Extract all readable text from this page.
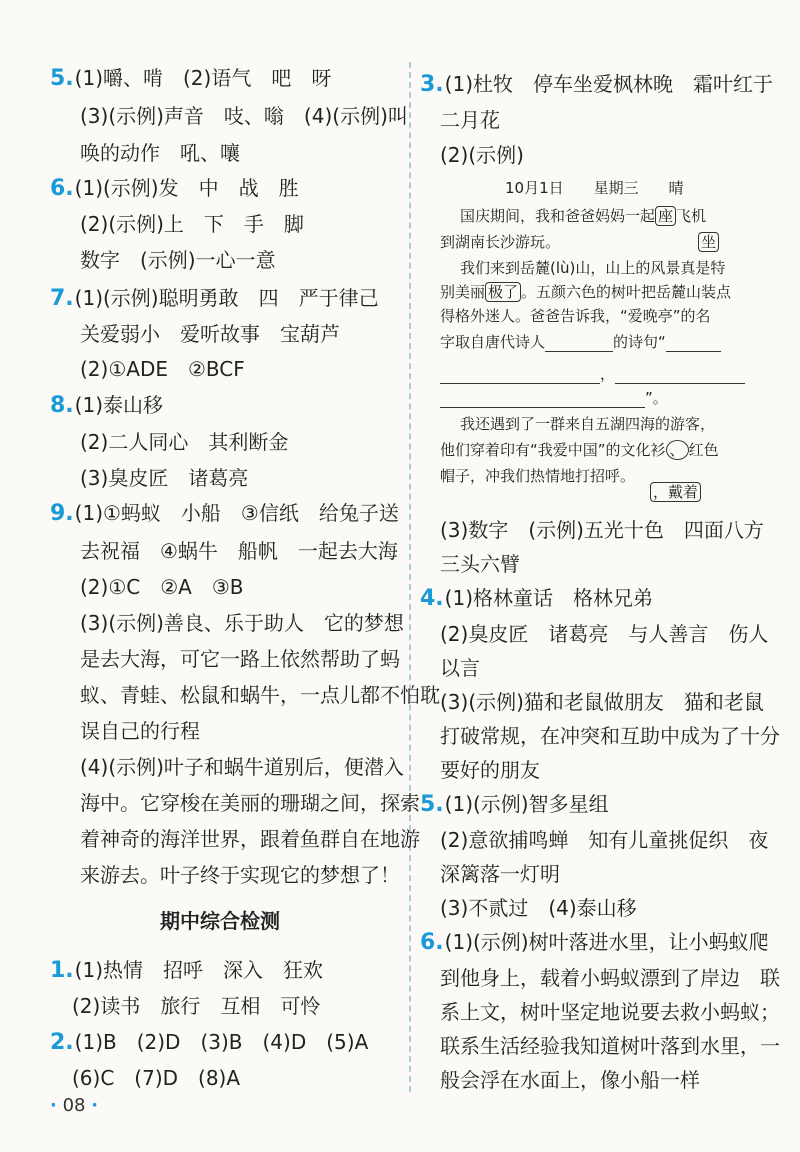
5.(1)嚼、啃　(2)语气　吧　呀
(3)(示例)声音　吱、嗡　(4)(示例)叫
唤的动作　吼、嚷
6.(1)(示例)发　中　战　胜
(2)(示例)上　下　手　脚
数字　(示例)一心一意
7.(1)(示例)聪明勇敢　四　严于律己
关爱弱小　爱听故事　宝葫芦
(2)①ADE　②BCF
8.(1)泰山移
(2)二人同心　其利断金
(3)臭皮匠　诸葛亮
9.(1)①蚂蚁　小船　③信纸　给兔子送
去祝福　④蜗牛　船帆　一起去大海
(2)①C　②A　③B
(3)(示例)善良、乐于助人　它的梦想
是去大海，可它一路上依然帮助了蚂
蚁、青蛙、松鼠和蜗牛，一点儿都不怕耽
误自己的行程
(4)(示例)叶子和蜗牛道别后，便潜入
海中。它穿梭在美丽的珊瑚之间，探索
着神奇的海洋世界，跟着鱼群自在地游
来游去。叶子终于实现它的梦想了！
期中综合检测
1.(1)热情　招呼　深入　狂欢
(2)读书　旅行　互相　可怜
2.(1)B　(2)D　(3)B　(4)D　(5)A
(6)C　(7)D　(8)A
3.(1)杜牧　停车坐爱枫林晚　霜叶红于
二月花
(2)(示例)
10月1日　　星期三　　晴
国庆期间，我和爸爸妈妈一起 座 飞机
到湖南长沙游玩。	坐
我们来到岳麓(lù)山，山上的风景真是特
别美丽 极了 。五颜六色的树叶把岳麓山装点
得格外迷人。爸爸告诉我，“爱晚亭”的名
字取自唐代诗人	的诗句“
，
”。
我还遇到了一群来自五湖四海的游客，
他们穿着印有“我爱中国”的文化衫 、 红色
帽子，冲我们热情地打招呼。
，戴着
(3)数字　(示例)五光十色　四面八方
三头六臂
4.(1)格林童话　格林兄弟
(2)臭皮匠　诸葛亮　与人善言　伤人
以言
(3)(示例)猫和老鼠做朋友　猫和老鼠
打破常规，在冲突和互助中成为了十分
要好的朋友
5.(1)(示例)智多星组
(2)意欲捕鸣蝉　知有儿童挑促织　夜
深篱落一灯明
(3)不贰过　(4)泰山移
6.(1)(示例)树叶落进水里，让小蚂蚁爬
到他身上，载着小蚂蚁漂到了岸边　联
系上文，树叶坚定地说要去救小蚂蚁；
联系生活经验我知道树叶落到水里，一
般会浮在水面上，像小船一样
· 08 ·
